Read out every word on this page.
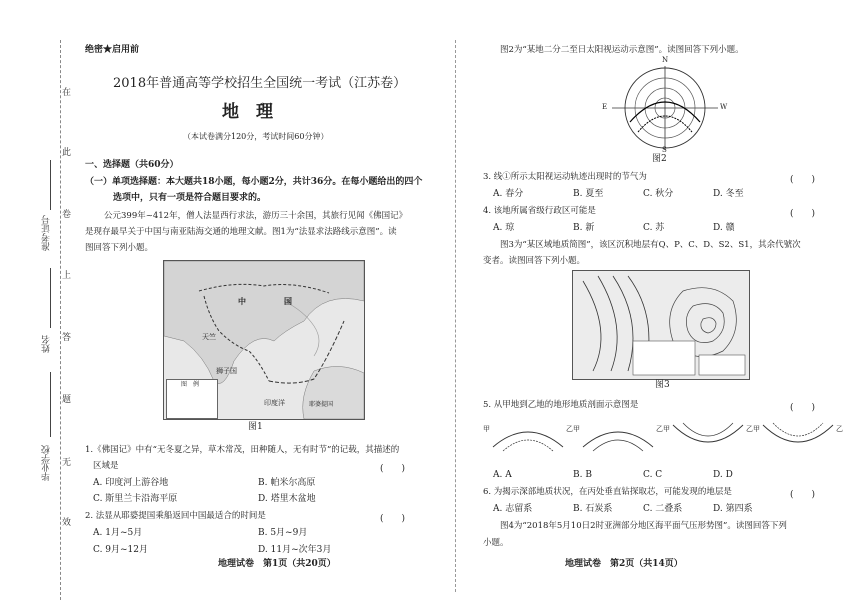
在
此
卷
上
答
题
无
效
准考证号
姓名
毕业学校
绝密★启用前
2018年普通高等学校招生全国统一考试（江苏卷）
地　理
（本试卷满分120分，考试时间60分钟）
一、选择题（共60分）
（一）单项选择题：本大题共18小题，每小题2分，共计36分。在每小题给出的四个
选项中，只有一项是符合题目要求的。
公元399年~412年，僧人法显西行求法，游历三十余国，其旅行见闻《佛国记》
是现存最早关于中国与南亚陆海交通的地理文献。图1为“法显求法路线示意图”。读
图回答下列小题。
中	国
天竺
狮子国
印度洋	耶婆提国
图　例
图1
1.《佛国记》中有“无冬夏之异，草木常茂，田种随人，无有时节”的记载，其描述的
区域是	(　　)
A. 印度河上游谷地	B. 帕米尔高原
C. 斯里兰卡沿海平原	D. 塔里木盆地
2. 法显从耶婆提国乘船返回中国最适合的时间是	(　　)
A. 1月~5月	B. 5月~9月
C. 9月~12月	D. 11月~次年3月
地理试卷　第1页（共20页）
图2为“某地二分二至日太阳视运动示意图”。读图回答下列小题。
N
S
E	W
图2
3. 线①所示太阳视运动轨迹出现时的节气为	(　　)
A. 春分	B. 夏至	C. 秋分	D. 冬至
4. 该地所属省级行政区可能是	(　　)
A. 琼	B. 新	C. 苏	D. 赣
图3为“某区域地质简图”，该区沉积地层有Q、P、C、D、S2、S1，其余代號次
变者。读图回答下列小题。
图3
5. 从甲地到乙地的地形地质剖面示意图是	(　　)
甲	乙 甲	乙 甲	乙 甲	乙
A. A	B. B	C. C	D. D
6. 为揭示深部地质状况，在丙处垂直钻探取芯，可能发现的地层是	(　　)
A. 志留系	B. 石炭系	C. 二叠系	D. 第四系
图4为“2018年5月10日2时亚洲部分地区海平面气压形势图”。读图回答下列
小题。
地理试卷　第2页（共14页）
